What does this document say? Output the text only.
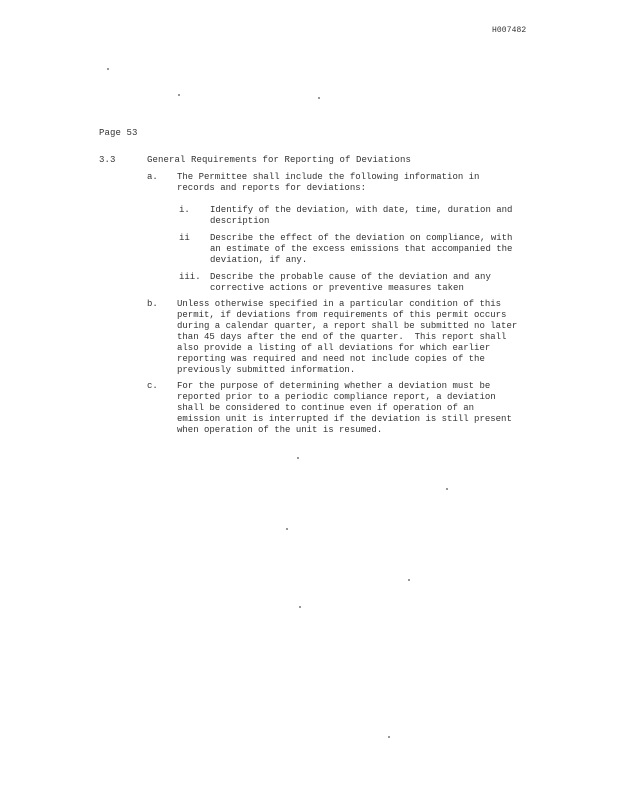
H007482
Page 53
3.3	General Requirements for Reporting of Deviations
a. The Permittee shall include the following information in
records and reports for deviations:
i. Identify of the deviation, with date, time, duration and
description
ii Describe the effect of the deviation on compliance, with
an estimate of the excess emissions that accompanied the
deviation, if any.
iii. Describe the probable cause of the deviation and any
corrective actions or preventive measures taken
b. Unless otherwise specified in a particular condition of this
permit, if deviations from requirements of this permit occurs
during a calendar quarter, a report shall be submitted no later
than 45 days after the end of the quarter.  This report shall
also provide a listing of all deviations for which earlier
reporting was required and need not include copies of the
previously submitted information.
c. For the purpose of determining whether a deviation must be
reported prior to a periodic compliance report, a deviation
shall be considered to continue even if operation of an
emission unit is interrupted if the deviation is still present
when operation of the unit is resumed.
